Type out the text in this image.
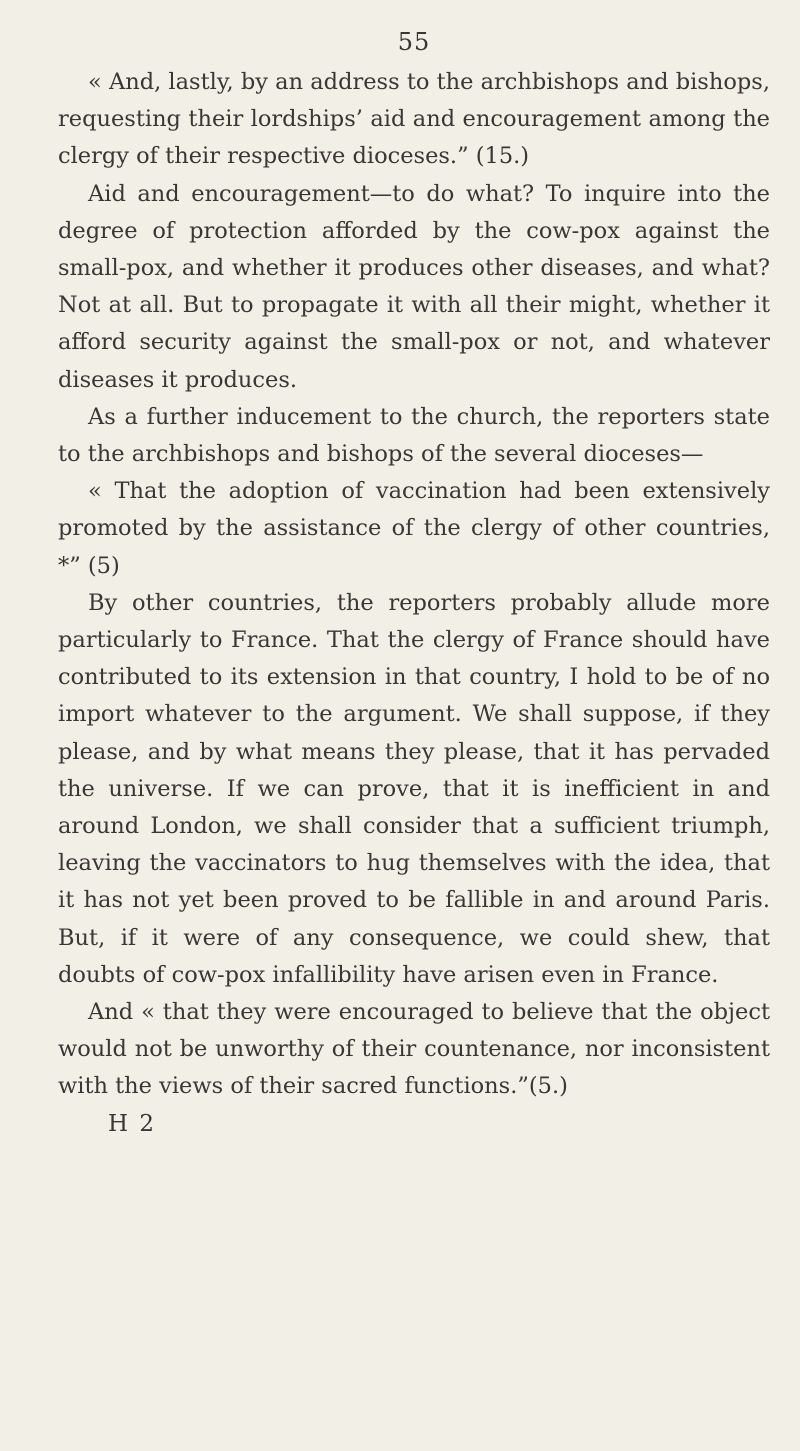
55

« And, lastly, by an address to the archbishops and bishops, requesting their lordships’ aid and encouragement among the clergy of their respective dioceses.” (15.)

Aid and encouragement—to do what? To inquire into the degree of protection afforded by the cow-pox against the small-pox, and whether it produces other diseases, and what? Not at all. But to propagate it with all their might, whether it afford security against the small-pox or not, and whatever diseases it produces.

As a further inducement to the church, the reporters state to the archbishops and bishops of the several dioceses—

« That the adoption of vaccination had been extensively promoted by the assistance of the clergy of other countries, *” (5)

By other countries, the reporters probably allude more particularly to France. That the clergy of France should have contributed to its extension in that country, I hold to be of no import whatever to the argument. We shall suppose, if they please, and by what means they please, that it has pervaded the universe. If we can prove, that it is inefficient in and around London, we shall consider that a sufficient triumph, leaving the vaccinators to hug themselves with the idea, that it has not yet been proved to be fallible in and around Paris. But, if it were of any consequence, we could shew, that doubts of cow-pox infallibility have arisen even in France.

And « that they were encouraged to believe that the object would not be unworthy of their countenance, nor inconsistent with the views of their sacred functions.”(5.)

H 2
